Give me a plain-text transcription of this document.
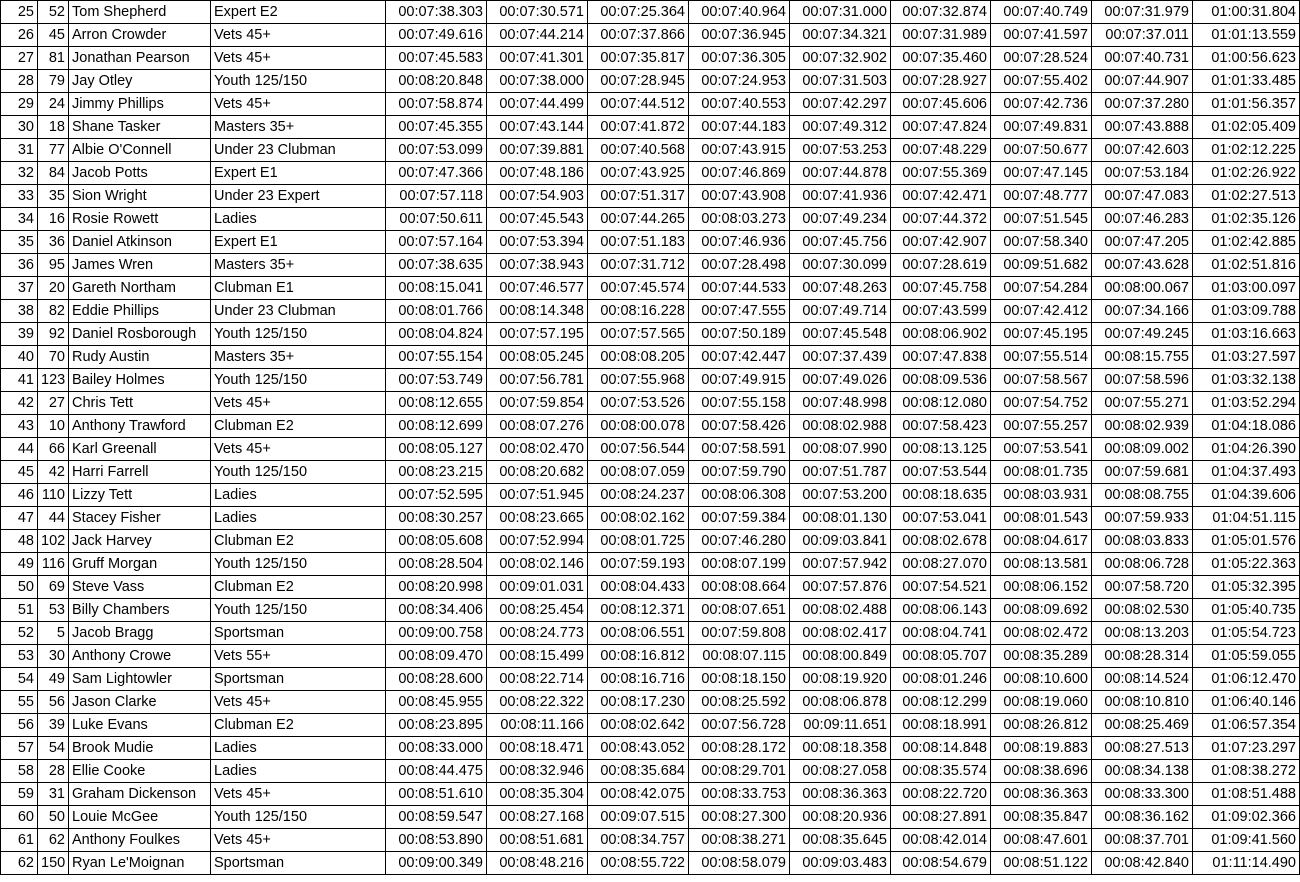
25	52	Tom Shepherd	Expert E2	00:07:38.303	00:07:30.571	00:07:25.364	00:07:40.964	00:07:31.000	00:07:32.874	00:07:40.749	00:07:31.979	01:00:31.804
26	45	Arron Crowder	Vets 45+	00:07:49.616	00:07:44.214	00:07:37.866	00:07:36.945	00:07:34.321	00:07:31.989	00:07:41.597	00:07:37.011	01:01:13.559
27	81	Jonathan Pearson	Vets 45+	00:07:45.583	00:07:41.301	00:07:35.817	00:07:36.305	00:07:32.902	00:07:35.460	00:07:28.524	00:07:40.731	01:00:56.623
28	79	Jay Otley	Youth 125/150	00:08:20.848	00:07:38.000	00:07:28.945	00:07:24.953	00:07:31.503	00:07:28.927	00:07:55.402	00:07:44.907	01:01:33.485
29	24	Jimmy Phillips	Vets 45+	00:07:58.874	00:07:44.499	00:07:44.512	00:07:40.553	00:07:42.297	00:07:45.606	00:07:42.736	00:07:37.280	01:01:56.357
30	18	Shane Tasker	Masters 35+	00:07:45.355	00:07:43.144	00:07:41.872	00:07:44.183	00:07:49.312	00:07:47.824	00:07:49.831	00:07:43.888	01:02:05.409
31	77	Albie O'Connell	Under 23 Clubman	00:07:53.099	00:07:39.881	00:07:40.568	00:07:43.915	00:07:53.253	00:07:48.229	00:07:50.677	00:07:42.603	01:02:12.225
32	84	Jacob Potts	Expert E1	00:07:47.366	00:07:48.186	00:07:43.925	00:07:46.869	00:07:44.878	00:07:55.369	00:07:47.145	00:07:53.184	01:02:26.922
33	35	Sion Wright	Under 23 Expert	00:07:57.118	00:07:54.903	00:07:51.317	00:07:43.908	00:07:41.936	00:07:42.471	00:07:48.777	00:07:47.083	01:02:27.513
34	16	Rosie Rowett	Ladies	00:07:50.611	00:07:45.543	00:07:44.265	00:08:03.273	00:07:49.234	00:07:44.372	00:07:51.545	00:07:46.283	01:02:35.126
35	36	Daniel Atkinson	Expert E1	00:07:57.164	00:07:53.394	00:07:51.183	00:07:46.936	00:07:45.756	00:07:42.907	00:07:58.340	00:07:47.205	01:02:42.885
36	95	James Wren	Masters 35+	00:07:38.635	00:07:38.943	00:07:31.712	00:07:28.498	00:07:30.099	00:07:28.619	00:09:51.682	00:07:43.628	01:02:51.816
37	20	Gareth Northam	Clubman E1	00:08:15.041	00:07:46.577	00:07:45.574	00:07:44.533	00:07:48.263	00:07:45.758	00:07:54.284	00:08:00.067	01:03:00.097
38	82	Eddie Phillips	Under 23 Clubman	00:08:01.766	00:08:14.348	00:08:16.228	00:07:47.555	00:07:49.714	00:07:43.599	00:07:42.412	00:07:34.166	01:03:09.788
39	92	Daniel Rosborough	Youth 125/150	00:08:04.824	00:07:57.195	00:07:57.565	00:07:50.189	00:07:45.548	00:08:06.902	00:07:45.195	00:07:49.245	01:03:16.663
40	70	Rudy Austin	Masters 35+	00:07:55.154	00:08:05.245	00:08:08.205	00:07:42.447	00:07:37.439	00:07:47.838	00:07:55.514	00:08:15.755	01:03:27.597
41	123	Bailey Holmes	Youth 125/150	00:07:53.749	00:07:56.781	00:07:55.968	00:07:49.915	00:07:49.026	00:08:09.536	00:07:58.567	00:07:58.596	01:03:32.138
42	27	Chris Tett	Vets 45+	00:08:12.655	00:07:59.854	00:07:53.526	00:07:55.158	00:07:48.998	00:08:12.080	00:07:54.752	00:07:55.271	01:03:52.294
43	10	Anthony Trawford	Clubman E2	00:08:12.699	00:08:07.276	00:08:00.078	00:07:58.426	00:08:02.988	00:07:58.423	00:07:55.257	00:08:02.939	01:04:18.086
44	66	Karl Greenall	Vets 45+	00:08:05.127	00:08:02.470	00:07:56.544	00:07:58.591	00:08:07.990	00:08:13.125	00:07:53.541	00:08:09.002	01:04:26.390
45	42	Harri Farrell	Youth 125/150	00:08:23.215	00:08:20.682	00:08:07.059	00:07:59.790	00:07:51.787	00:07:53.544	00:08:01.735	00:07:59.681	01:04:37.493
46	110	Lizzy Tett	Ladies	00:07:52.595	00:07:51.945	00:08:24.237	00:08:06.308	00:07:53.200	00:08:18.635	00:08:03.931	00:08:08.755	01:04:39.606
47	44	Stacey Fisher	Ladies	00:08:30.257	00:08:23.665	00:08:02.162	00:07:59.384	00:08:01.130	00:07:53.041	00:08:01.543	00:07:59.933	01:04:51.115
48	102	Jack Harvey	Clubman E2	00:08:05.608	00:07:52.994	00:08:01.725	00:07:46.280	00:09:03.841	00:08:02.678	00:08:04.617	00:08:03.833	01:05:01.576
49	116	Gruff Morgan	Youth 125/150	00:08:28.504	00:08:02.146	00:07:59.193	00:08:07.199	00:07:57.942	00:08:27.070	00:08:13.581	00:08:06.728	01:05:22.363
50	69	Steve Vass	Clubman E2	00:08:20.998	00:09:01.031	00:08:04.433	00:08:08.664	00:07:57.876	00:07:54.521	00:08:06.152	00:07:58.720	01:05:32.395
51	53	Billy Chambers	Youth 125/150	00:08:34.406	00:08:25.454	00:08:12.371	00:08:07.651	00:08:02.488	00:08:06.143	00:08:09.692	00:08:02.530	01:05:40.735
52	5	Jacob Bragg	Sportsman	00:09:00.758	00:08:24.773	00:08:06.551	00:07:59.808	00:08:02.417	00:08:04.741	00:08:02.472	00:08:13.203	01:05:54.723
53	30	Anthony Crowe	Vets 55+	00:08:09.470	00:08:15.499	00:08:16.812	00:08:07.115	00:08:00.849	00:08:05.707	00:08:35.289	00:08:28.314	01:05:59.055
54	49	Sam Lightowler	Sportsman	00:08:28.600	00:08:22.714	00:08:16.716	00:08:18.150	00:08:19.920	00:08:01.246	00:08:10.600	00:08:14.524	01:06:12.470
55	56	Jason Clarke	Vets 45+	00:08:45.955	00:08:22.322	00:08:17.230	00:08:25.592	00:08:06.878	00:08:12.299	00:08:19.060	00:08:10.810	01:06:40.146
56	39	Luke Evans	Clubman E2	00:08:23.895	00:08:11.166	00:08:02.642	00:07:56.728	00:09:11.651	00:08:18.991	00:08:26.812	00:08:25.469	01:06:57.354
57	54	Brook Mudie	Ladies	00:08:33.000	00:08:18.471	00:08:43.052	00:08:28.172	00:08:18.358	00:08:14.848	00:08:19.883	00:08:27.513	01:07:23.297
58	28	Ellie Cooke	Ladies	00:08:44.475	00:08:32.946	00:08:35.684	00:08:29.701	00:08:27.058	00:08:35.574	00:08:38.696	00:08:34.138	01:08:38.272
59	31	Graham Dickenson	Vets 45+	00:08:51.610	00:08:35.304	00:08:42.075	00:08:33.753	00:08:36.363	00:08:22.720	00:08:36.363	00:08:33.300	01:08:51.488
60	50	Louie McGee	Youth 125/150	00:08:59.547	00:08:27.168	00:09:07.515	00:08:27.300	00:08:20.936	00:08:27.891	00:08:35.847	00:08:36.162	01:09:02.366
61	62	Anthony Foulkes	Vets 45+	00:08:53.890	00:08:51.681	00:08:34.757	00:08:38.271	00:08:35.645	00:08:42.014	00:08:47.601	00:08:37.701	01:09:41.560
62	150	Ryan Le'Moignan	Sportsman	00:09:00.349	00:08:48.216	00:08:55.722	00:08:58.079	00:09:03.483	00:08:54.679	00:08:51.122	00:08:42.840	01:11:14.490
